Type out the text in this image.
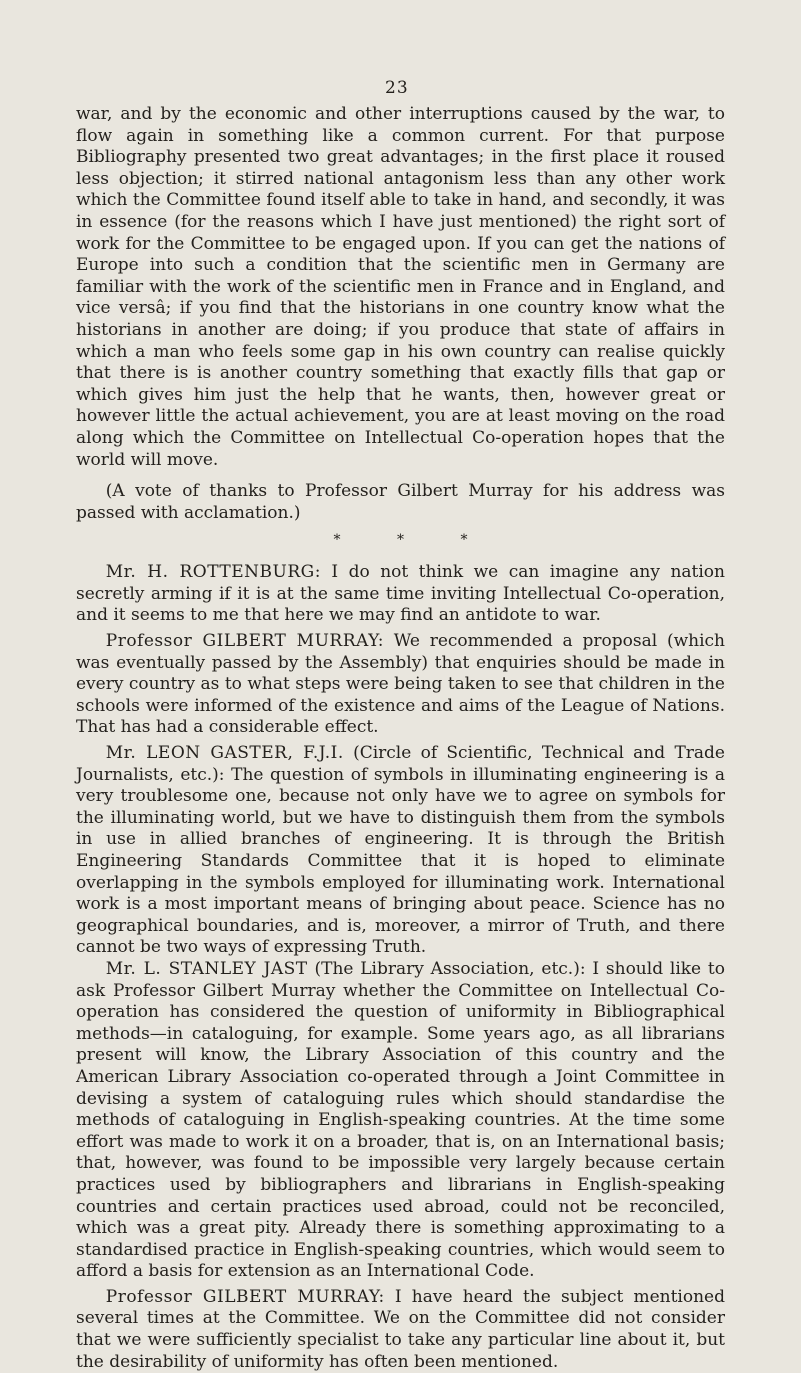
23

war, and by the economic and other interruptions caused by the war, to flow again in something like a common current. For that purpose Bibliography presented two great advantages; in the first place it roused less objection; it stirred national antagonism less than any other work which the Committee found itself able to take in hand, and secondly, it was in essence (for the reasons which I have just mentioned) the right sort of work for the Committee to be engaged upon. If you can get the nations of Europe into such a condition that the scientific men in Germany are familiar with the work of the scientific men in France and in England, and vice versâ; if you find that the historians in one country know what the historians in another are doing; if you produce that state of affairs in which a man who feels some gap in his own country can realise quickly that there is is another country something that exactly fills that gap or which gives him just the help that he wants, then, however great or however little the actual achievement, you are at least moving on the road along which the Committee on Intellectual Co-operation hopes that the world will move.

(A vote of thanks to Professor Gilbert Murray for his address was passed with acclamation.)

* * *

Mr. H. ROTTENBURG: I do not think we can imagine any nation secretly arming if it is at the same time inviting Intellectual Co-operation, and it seems to me that here we may find an antidote to war.

Professor GILBERT MURRAY: We recommended a proposal (which was eventually passed by the Assembly) that enquiries should be made in every country as to what steps were being taken to see that children in the schools were informed of the existence and aims of the League of Nations. That has had a considerable effect.

Mr. LEON GASTER, F.J.I. (Circle of Scientific, Technical and Trade Journalists, etc.): The question of symbols in illuminating engineering is a very troublesome one, because not only have we to agree on symbols for the illuminating world, but we have to distinguish them from the symbols in use in allied branches of engineering. It is through the British Engineering Standards Committee that it is hoped to eliminate overlapping in the symbols employed for illuminating work. International work is a most important means of bringing about peace. Science has no geographical boundaries, and is, moreover, a mirror of Truth, and there cannot be two ways of expressing Truth.

Mr. L. STANLEY JAST (The Library Association, etc.): I should like to ask Professor Gilbert Murray whether the Committee on Intellectual Co-operation has considered the question of uniformity in Bibliographical methods—in cataloguing, for example. Some years ago, as all librarians present will know, the Library Association of this country and the American Library Association co-operated through a Joint Committee in devising a system of cataloguing rules which should standardise the methods of cataloguing in English-speaking countries. At the time some effort was made to work it on a broader, that is, on an International basis; that, however, was found to be impossible very largely because certain practices used by bibliographers and librarians in English-speaking countries and certain practices used abroad, could not be reconciled, which was a great pity. Already there is something approximating to a standardised practice in English-speaking countries, which would seem to afford a basis for extension as an International Code.

Professor GILBERT MURRAY: I have heard the subject mentioned several times at the Committee. We on the Committee did not consider that we were sufficiently specialist to take any particular line about it, but the desirability of uniformity has often been mentioned.
